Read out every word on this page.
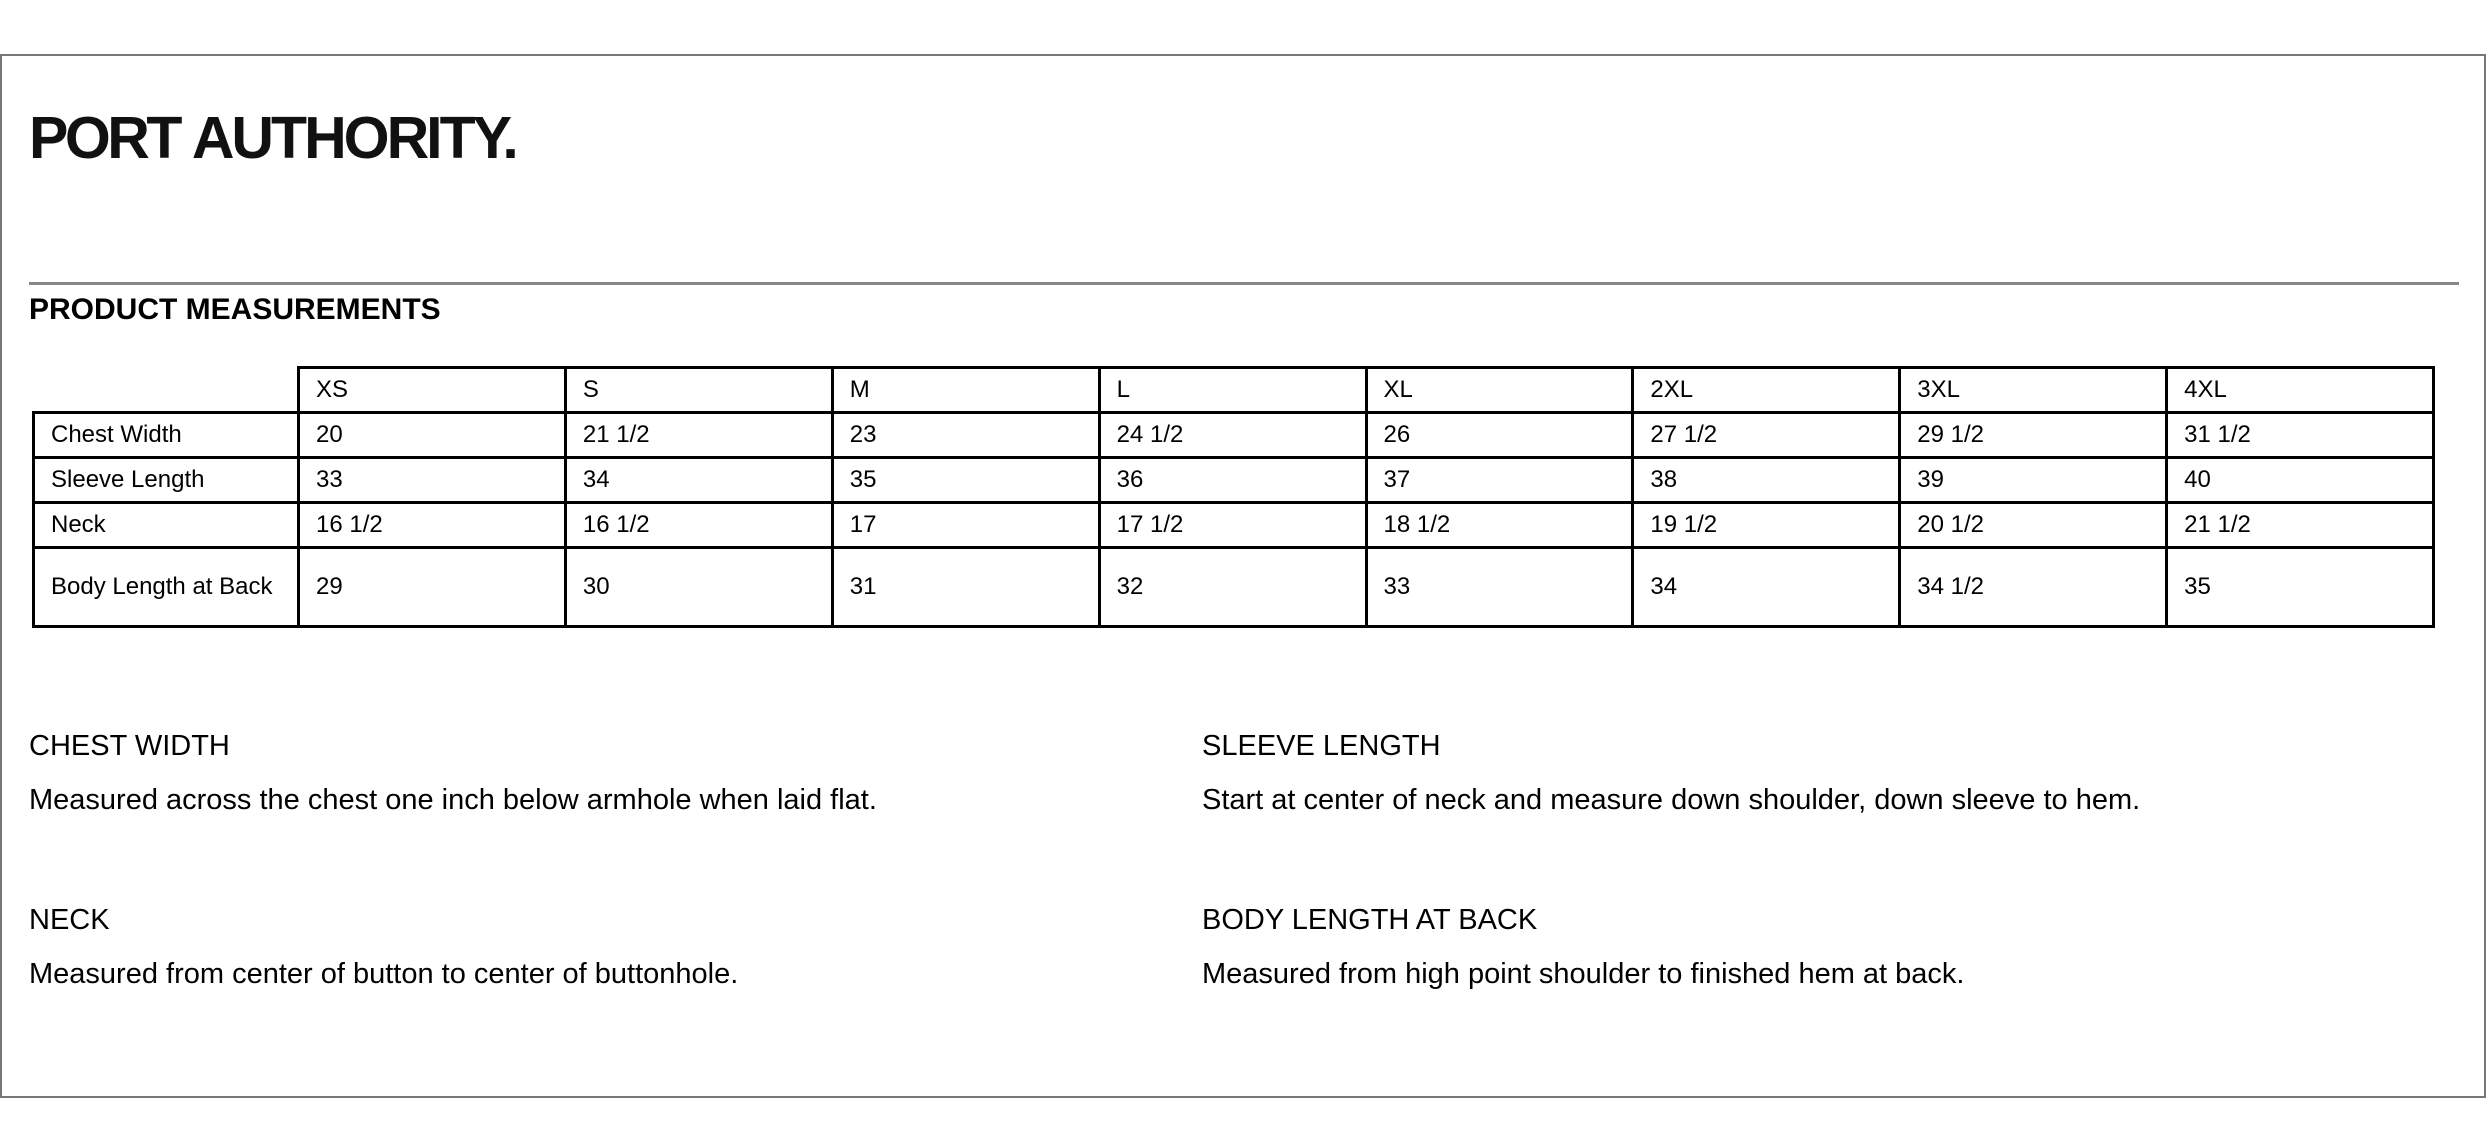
PORT AUTHORITY.
PRODUCT MEASUREMENTS
	XS	S	M	L	XL	2XL	3XL	4XL
Chest Width	20	21 1/2	23	24 1/2	26	27 1/2	29 1/2	31 1/2
Sleeve Length	33	34	35	36	37	38	39	40
Neck	16 1/2	16 1/2	17	17 1/2	18 1/2	19 1/2	20 1/2	21 1/2
Body Length at Back	29	30	31	32	33	34	34 1/2	35
CHEST WIDTH
Measured across the chest one inch below armhole when laid flat.
SLEEVE LENGTH
Start at center of neck and measure down shoulder, down sleeve to hem.
NECK
Measured from center of button to center of buttonhole.
BODY LENGTH AT BACK
Measured from high point shoulder to finished hem at back.
